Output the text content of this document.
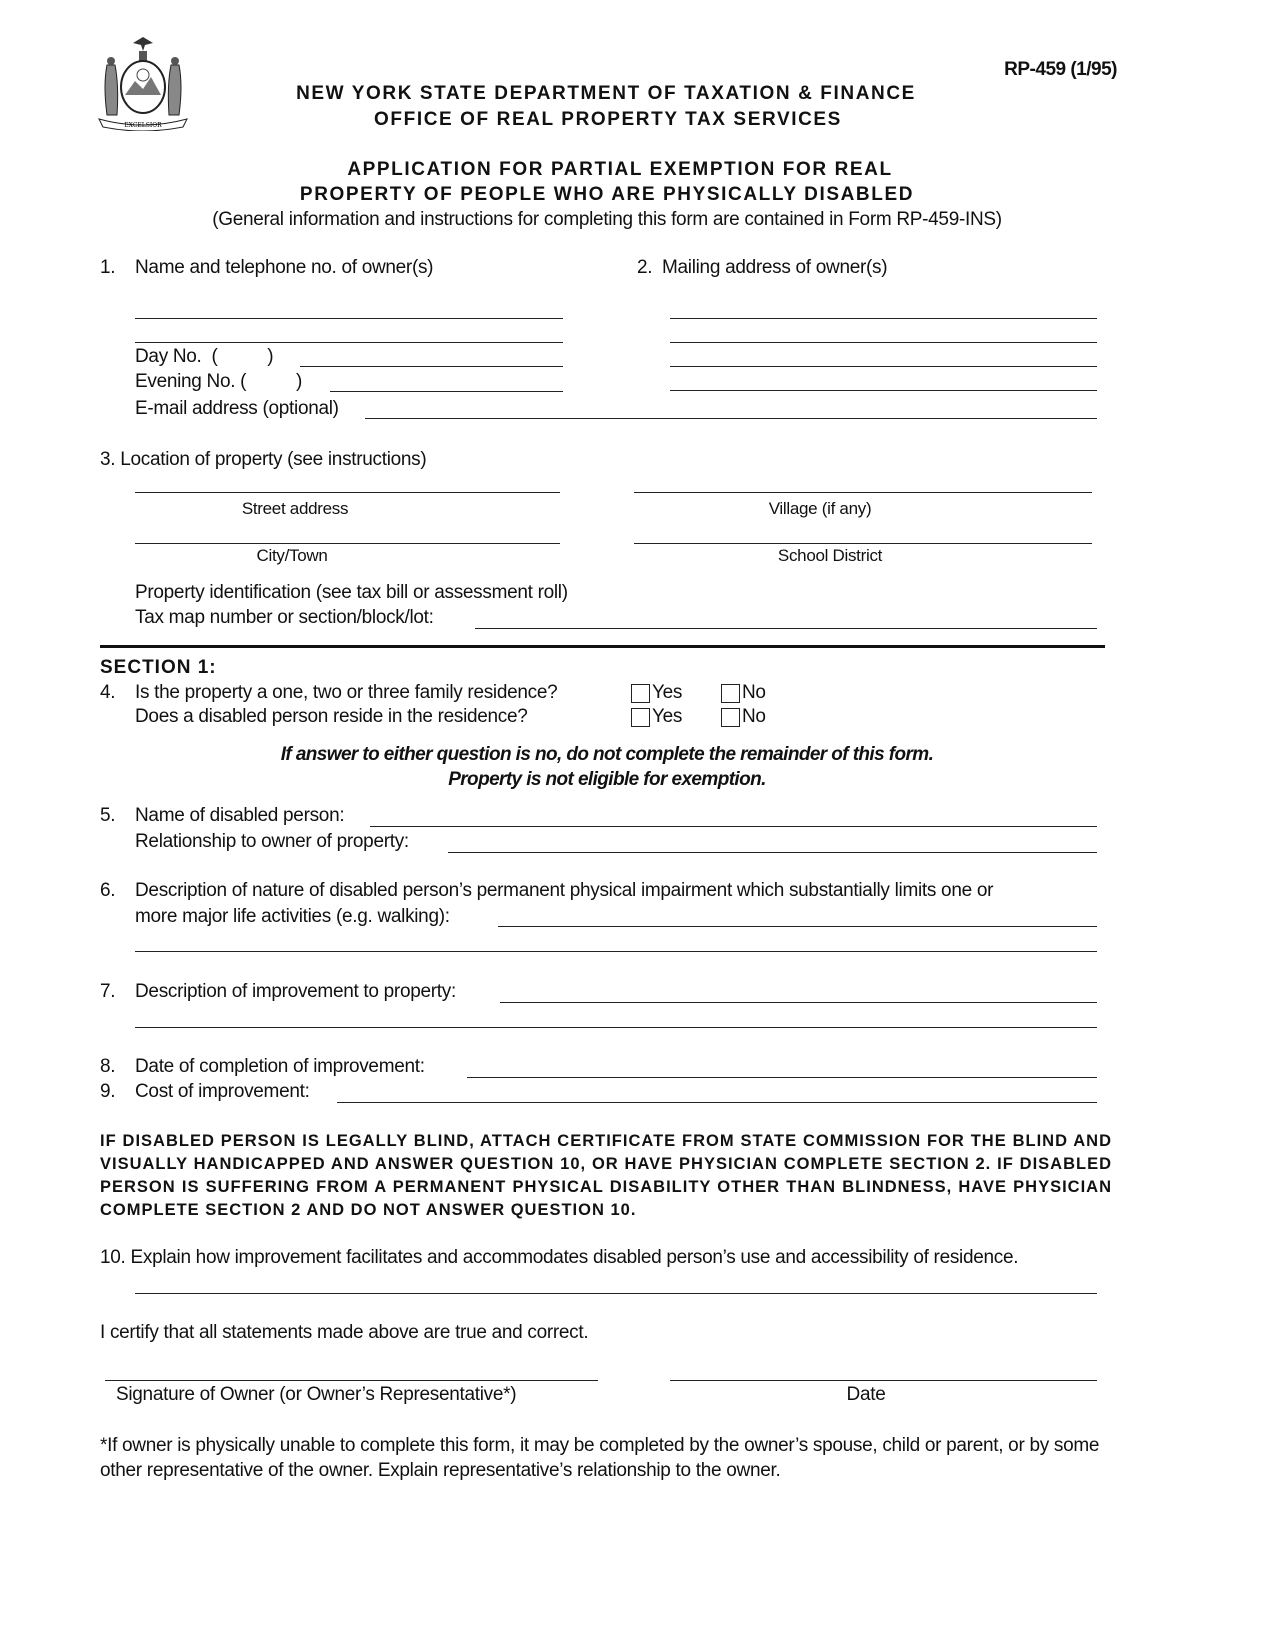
EXCELSIOR
RP-459 (1/95)
NEW YORK STATE DEPARTMENT OF TAXATION & FINANCE
OFFICE OF REAL PROPERTY TAX SERVICES
APPLICATION FOR PARTIAL EXEMPTION FOR REAL
PROPERTY OF PEOPLE WHO ARE PHYSICALLY DISABLED
(General information and instructions for completing this form are contained in Form RP-459-INS)
1. Name and telephone no. of owner(s)	2. Mailing address of owner(s)
Day No.  (          )
Evening No. (          )
E-mail address (optional)
3. Location of property (see instructions)
Street address	Village (if any)
City/Town	School District
Property identification (see tax bill or assessment roll)
Tax map number or section/block/lot:
SECTION 1:
4. Is the property a one, two or three family residence?
Does a disabled person reside in the residence?
Yes	No
Yes	No
If answer to either question is no, do not complete the remainder of this form.
Property is not eligible for exemption.
5. Name of disabled person:
Relationship to owner of property:
6. Description of nature of disabled person’s permanent physical impairment which substantially limits one or
more major life activities (e.g. walking):
7. Description of improvement to property:
8. Date of completion of improvement:
9. Cost of improvement:
IF DISABLED PERSON IS LEGALLY BLIND, ATTACH CERTIFICATE FROM STATE COMMISSION FOR THE BLIND AND VISUALLY HANDICAPPED AND ANSWER QUESTION 10, OR HAVE PHYSICIAN COMPLETE SECTION 2. IF DISABLED PERSON IS SUFFERING FROM A PERMANENT PHYSICAL DISABILITY OTHER THAN BLINDNESS, HAVE PHYSICIAN COMPLETE SECTION 2 AND DO NOT ANSWER QUESTION 10.
10. Explain how improvement facilitates and accommodates disabled person’s use and accessibility of residence.
I certify that all statements made above are true and correct.
Signature of Owner (or Owner’s Representative*)	Date
*If owner is physically unable to complete this form, it may be completed by the owner’s spouse, child or parent, or by some other representative of the owner. Explain representative’s relationship to the owner.
